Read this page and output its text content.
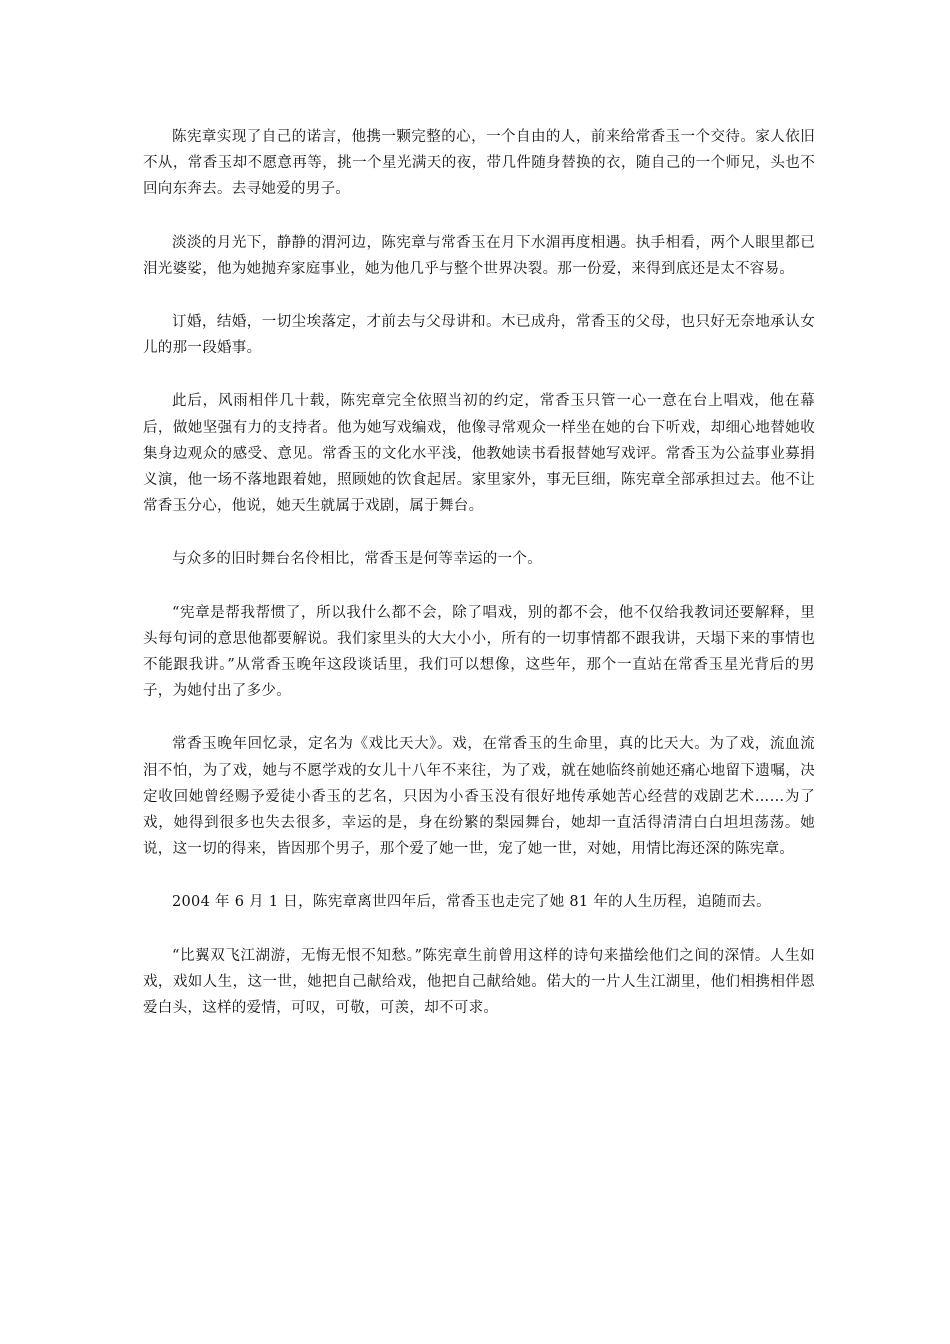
陈宪章实现了自己的诺言，他携一颗完整的心，一个自由的人，前来给常香玉一个交待。家人依旧不从，常香玉却不愿意再等，挑一个星光满天的夜，带几件随身替换的衣，随自己的一个师兄，头也不回向东奔去。去寻她爱的男子。

淡淡的月光下，静静的渭河边，陈宪章与常香玉在月下水湄再度相遇。执手相看，两个人眼里都已泪光婆娑，他为她抛弃家庭事业，她为他几乎与整个世界决裂。那一份爱，来得到底还是太不容易。

订婚，结婚，一切尘埃落定，才前去与父母讲和。木已成舟，常香玉的父母，也只好无奈地承认女儿的那一段婚事。

此后，风雨相伴几十载，陈宪章完全依照当初的约定，常香玉只管一心一意在台上唱戏，他在幕后，做她坚强有力的支持者。他为她写戏编戏，他像寻常观众一样坐在她的台下听戏，却细心地替她收集身边观众的感受、意见。常香玉的文化水平浅，他教她读书看报替她写戏评。常香玉为公益事业募捐义演，他一场不落地跟着她，照顾她的饮食起居。家里家外，事无巨细，陈宪章全部承担过去。他不让常香玉分心，他说，她天生就属于戏剧，属于舞台。

与众多的旧时舞台名伶相比，常香玉是何等幸运的一个。

“宪章是帮我帮惯了，所以我什么都不会，除了唱戏，别的都不会，他不仅给我教词还要解释，里头每句词的意思他都要解说。我们家里头的大大小小，所有的一切事情都不跟我讲，天塌下来的事情也不能跟我讲。”从常香玉晚年这段谈话里，我们可以想像，这些年，那个一直站在常香玉星光背后的男子，为她付出了多少。

常香玉晚年回忆录，定名为《戏比天大》。戏，在常香玉的生命里，真的比天大。为了戏，流血流泪不怕，为了戏，她与不愿学戏的女儿十八年不来往，为了戏，就在她临终前她还痛心地留下遗嘱，决定收回她曾经赐予爱徒小香玉的艺名，只因为小香玉没有很好地传承她苦心经营的戏剧艺术……为了戏，她得到很多也失去很多，幸运的是，身在纷繁的梨园舞台，她却一直活得清清白白坦坦荡荡。她说，这一切的得来，皆因那个男子，那个爱了她一世，宠了她一世，对她，用情比海还深的陈宪章。

2004 年 6 月 1 日，陈宪章离世四年后，常香玉也走完了她 81 年的人生历程，追随而去。

“比翼双飞江湖游，无悔无恨不知愁。”陈宪章生前曾用这样的诗句来描绘他们之间的深情。人生如戏，戏如人生，这一世，她把自己献给戏，他把自己献给她。偌大的一片人生江湖里，他们相携相伴恩爱白头，这样的爱情，可叹，可敬，可羡，却不可求。
